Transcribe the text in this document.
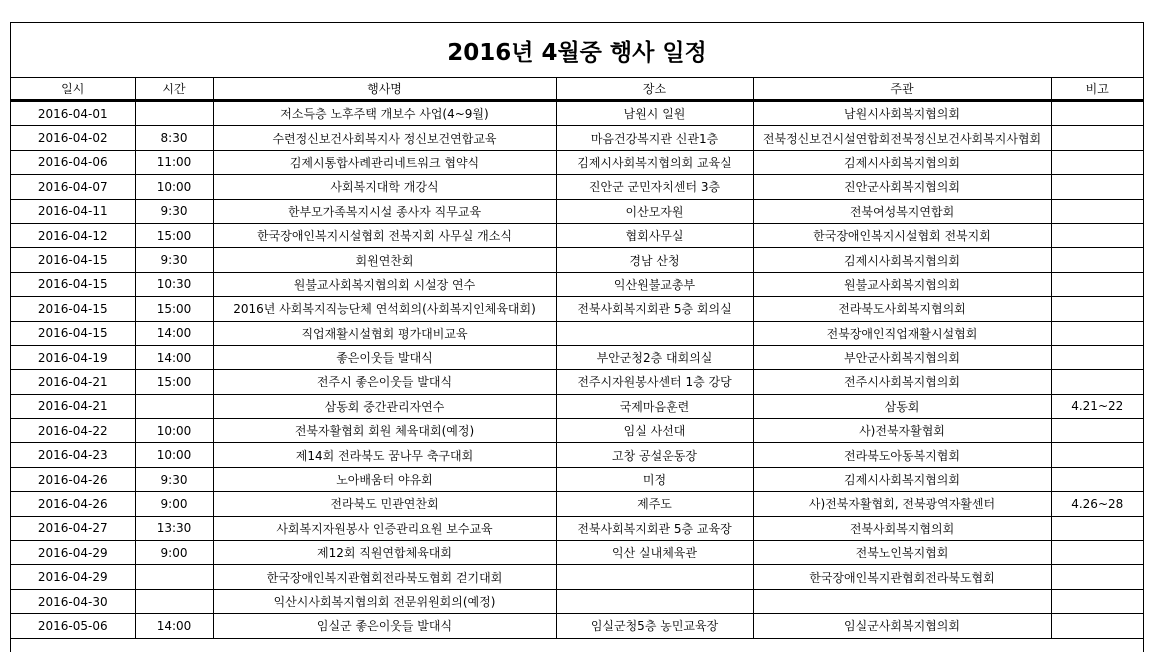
2016년 4월중 행사 일정
일시	시간	행사명	장소	주관	비고
2016-04-01		저소득층 노후주택 개보수 사업(4~9월)	남원시 일원	남원시사회복지협의회	
2016-04-02	8:30	수련정신보건사회복지사 정신보건연합교육	마음건강복지관 신관1층	전북정신보건시설연합회전북정신보건사회복지사협회	
2016-04-06	11:00	김제시통합사례관리네트워크 협약식	김제시사회복지협의회 교육실	김제시사회복지협의회	
2016-04-07	10:00	사회복지대학 개강식	진안군 군민자치센터 3층	진안군사회복지협의회	
2016-04-11	9:30	한부모가족복지시설 종사자 직무교육	이산모자원	전북여성복지연합회	
2016-04-12	15:00	한국장애인복지시설협회 전북지회 사무실 개소식	협회사무실	한국장애인복지시설협회 전북지회	
2016-04-15	9:30	회원연찬회	경남 산청	김제시사회복지협의회	
2016-04-15	10:30	원불교사회복지협의회 시설장 연수	익산원불교총부	원불교사회복지협의회	
2016-04-15	15:00	2016년 사회복지직능단체 연석회의(사회복지인체육대회)	전북사회복지회관 5층 회의실	전라북도사회복지협의회	
2016-04-15	14:00	직업재활시설협회 평가대비교육		전북장애인직업재활시설협회	
2016-04-19	14:00	좋은이웃들 발대식	부안군청2층 대회의실	부안군사회복지협의회	
2016-04-21	15:00	전주시 좋은이웃들 발대식	전주시자원봉사센터 1층 강당	전주시사회복지협의회	
2016-04-21		삼동회 중간관리자연수	국제마음훈련	삼동회	4.21~22
2016-04-22	10:00	전북자활협회 회원 체육대회(예정)	임실 사선대	사)전북자활협회	
2016-04-23	10:00	제14회 전라북도 꿈나무 축구대회	고창 공설운동장	전라북도아동복지협회	
2016-04-26	9:30	노아배움터 야유회	미정	김제시사회복지협의회	
2016-04-26	9:00	전라북도 민관연찬회	제주도	사)전북자활협회, 전북광역자활센터	4.26~28
2016-04-27	13:30	사회복지자원봉사 인증관리요원 보수교육	전북사회복지회관 5층 교육장	전북사회복지협의회	
2016-04-29	9:00	제12회 직원연합체육대회	익산 실내체육관	전북노인복지협회	
2016-04-29		한국장애인복지관협회전라북도협회 걷기대회		한국장애인복지관협회전라북도협회	
2016-04-30		익산시사회복지협의회 전문위원회의(예정)			
2016-05-06	14:00	임실군 좋은이웃들 발대식	임실군청5층 농민교육장	임실군사회복지협의회	
